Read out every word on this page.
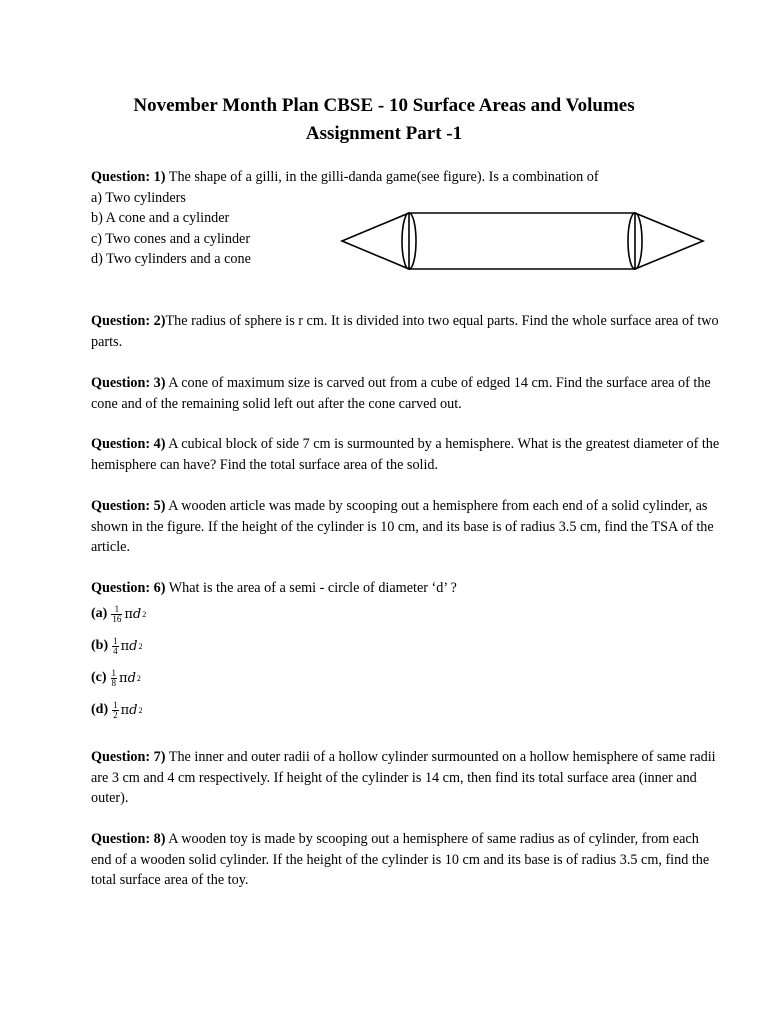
November Month Plan CBSE - 10 Surface Areas and Volumes
Assignment Part -1
Question: 1) The shape of a gilli, in the gilli-danda game(see figure). Is a combination of
a) Two cylinders
b) A cone and a cylinder
c) Two cones and a cylinder
d) Two cylinders and a cone
Question: 2)The radius of sphere is r cm. It is divided into two equal parts. Find the whole surface area of two parts.
Question: 3) A cone of maximum size is carved out from a cube of edged 14 cm. Find the surface area of the cone and of the remaining solid left out after the cone carved out.
Question: 4) A cubical block of side 7 cm is surmounted by a hemisphere. What is the greatest diameter of the hemisphere can have? Find the total surface area of the solid.
Question: 5) A wooden article was made by scooping out a hemisphere from each end of a solid cylinder, as shown in the figure. If the height of the cylinder is 10 cm, and its base is of radius 3.5 cm, find the TSA of the article.
Question: 6) What is the area of a semi - circle of diameter ‘d’ ?
$(a) \frac{1}{16}$ π d 2
$(b) \frac{1}{4}$ π d 2
$(c) \frac{1}{8}$ π d 2
$(d) \frac{1}{2}$ π d 2
Question: 7) The inner and outer radii of a hollow cylinder surmounted on a hollow hemisphere of same radii are 3 cm and 4 cm respectively. If height of the cylinder is 14 cm, then find its total surface area (inner and outer).
Question: 8) A wooden toy is made by scooping out a hemisphere of same radius as of cylinder, from each end of a wooden solid cylinder. If the height of the cylinder is 10 cm and its base is of radius 3.5 cm, find the total surface area of the toy.
